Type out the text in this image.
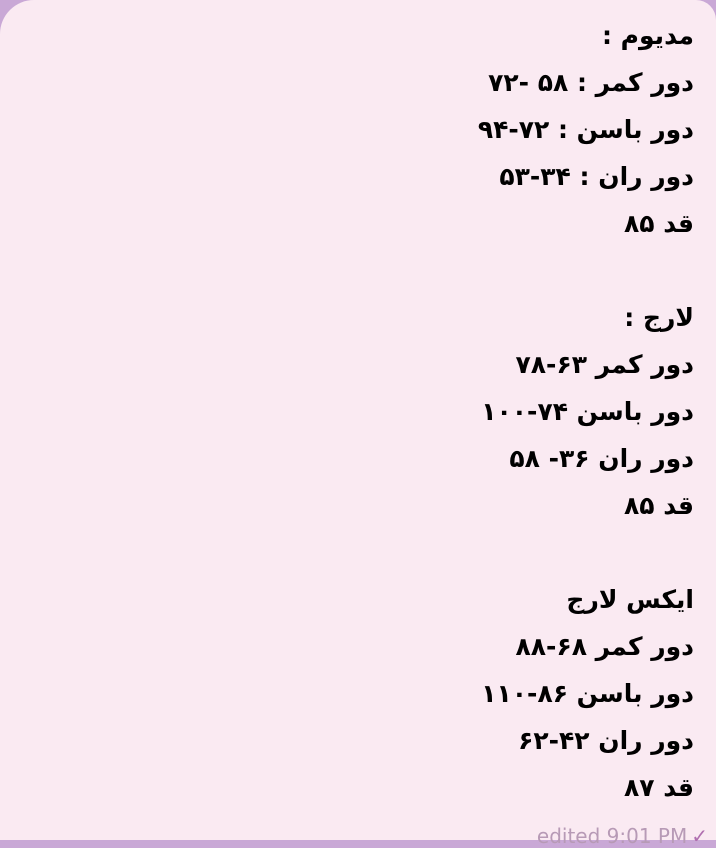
مدیوم :
دور کمر : ۵۸ -۷۲
دور باسن : ۷۲-۹۴
دور ران : ۳۴-۵۳
قد ۸۵
لارج :
دور کمر ۶۳-۷۸
دور باسن ۷۴-۱۰۰
دور ران ۳۶- ۵۸
قد ۸۵
ایکس لارج
دور کمر ۶۸-۸۸
دور باسن ۸۶-۱۱۰
دور ران ۴۲-۶۲
قد ۸۷
edited 9:01 PM ✓
